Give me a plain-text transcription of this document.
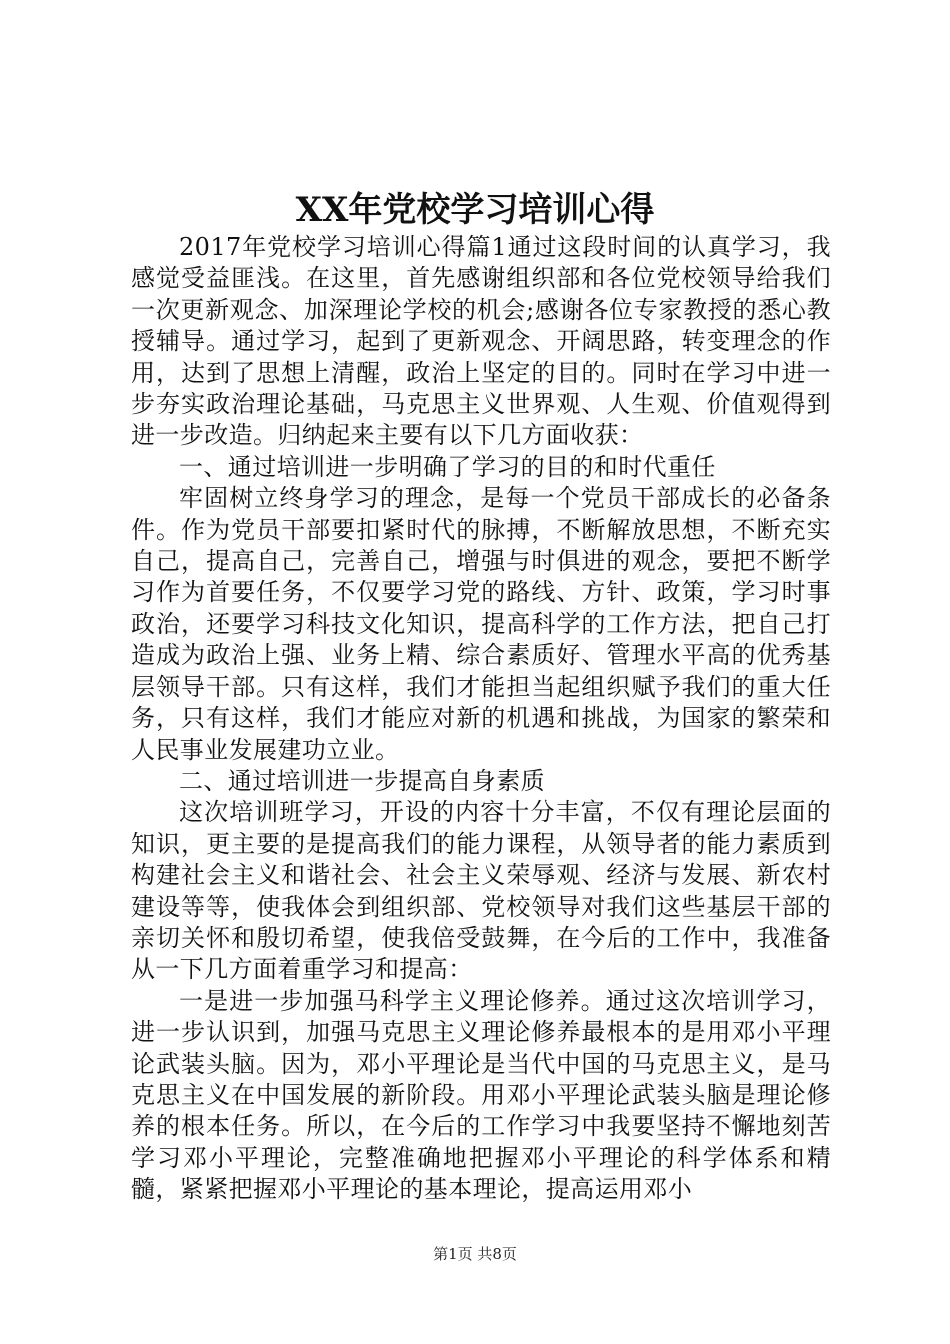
XX年党校学习培训心得

2017年党校学习培训心得篇1通过这段时间的认真学习，我感觉受益匪浅。在这里，首先感谢组织部和各位党校领导给我们一次更新观念、加深理论学校的机会;感谢各位专家教授的悉心教授辅导。通过学习，起到了更新观念、开阔思路，转变理念的作用，达到了思想上清醒，政治上坚定的目的。同时在学习中进一步夯实政治理论基础，马克思主义世界观、人生观、价值观得到进一步改造。归纳起来主要有以下几方面收获：

一、通过培训进一步明确了学习的目的和时代重任

牢固树立终身学习的理念，是每一个党员干部成长的必备条件。作为党员干部要扣紧时代的脉搏，不断解放思想，不断充实自己，提高自己，完善自己，增强与时俱进的观念，要把不断学习作为首要任务，不仅要学习党的路线、方针、政策，学习时事政治，还要学习科技文化知识，提高科学的工作方法，把自己打造成为政治上强、业务上精、综合素质好、管理水平高的优秀基层领导干部。只有这样，我们才能担当起组织赋予我们的重大任务，只有这样，我们才能应对新的机遇和挑战，为国家的繁荣和人民事业发展建功立业。

二、通过培训进一步提高自身素质

这次培训班学习，开设的内容十分丰富，不仅有理论层面的知识，更主要的是提高我们的能力课程，从领导者的能力素质到构建社会主义和谐社会、社会主义荣辱观、经济与发展、新农村建设等等，使我体会到组织部、党校领导对我们这些基层干部的亲切关怀和殷切希望，使我倍受鼓舞，在今后的工作中，我准备从一下几方面着重学习和提高：

一是进一步加强马科学主义理论修养。通过这次培训学习，进一步认识到，加强马克思主义理论修养最根本的是用邓小平理论武装头脑。因为，邓小平理论是当代中国的马克思主义，是马克思主义在中国发展的新阶段。用邓小平理论武装头脑是理论修养的根本任务。所以，在今后的工作学习中我要坚持不懈地刻苦学习邓小平理论，完整准确地把握邓小平理论的科学体系和精髓，紧紧把握邓小平理论的基本理论，提高运用邓小

第1页 共8页
